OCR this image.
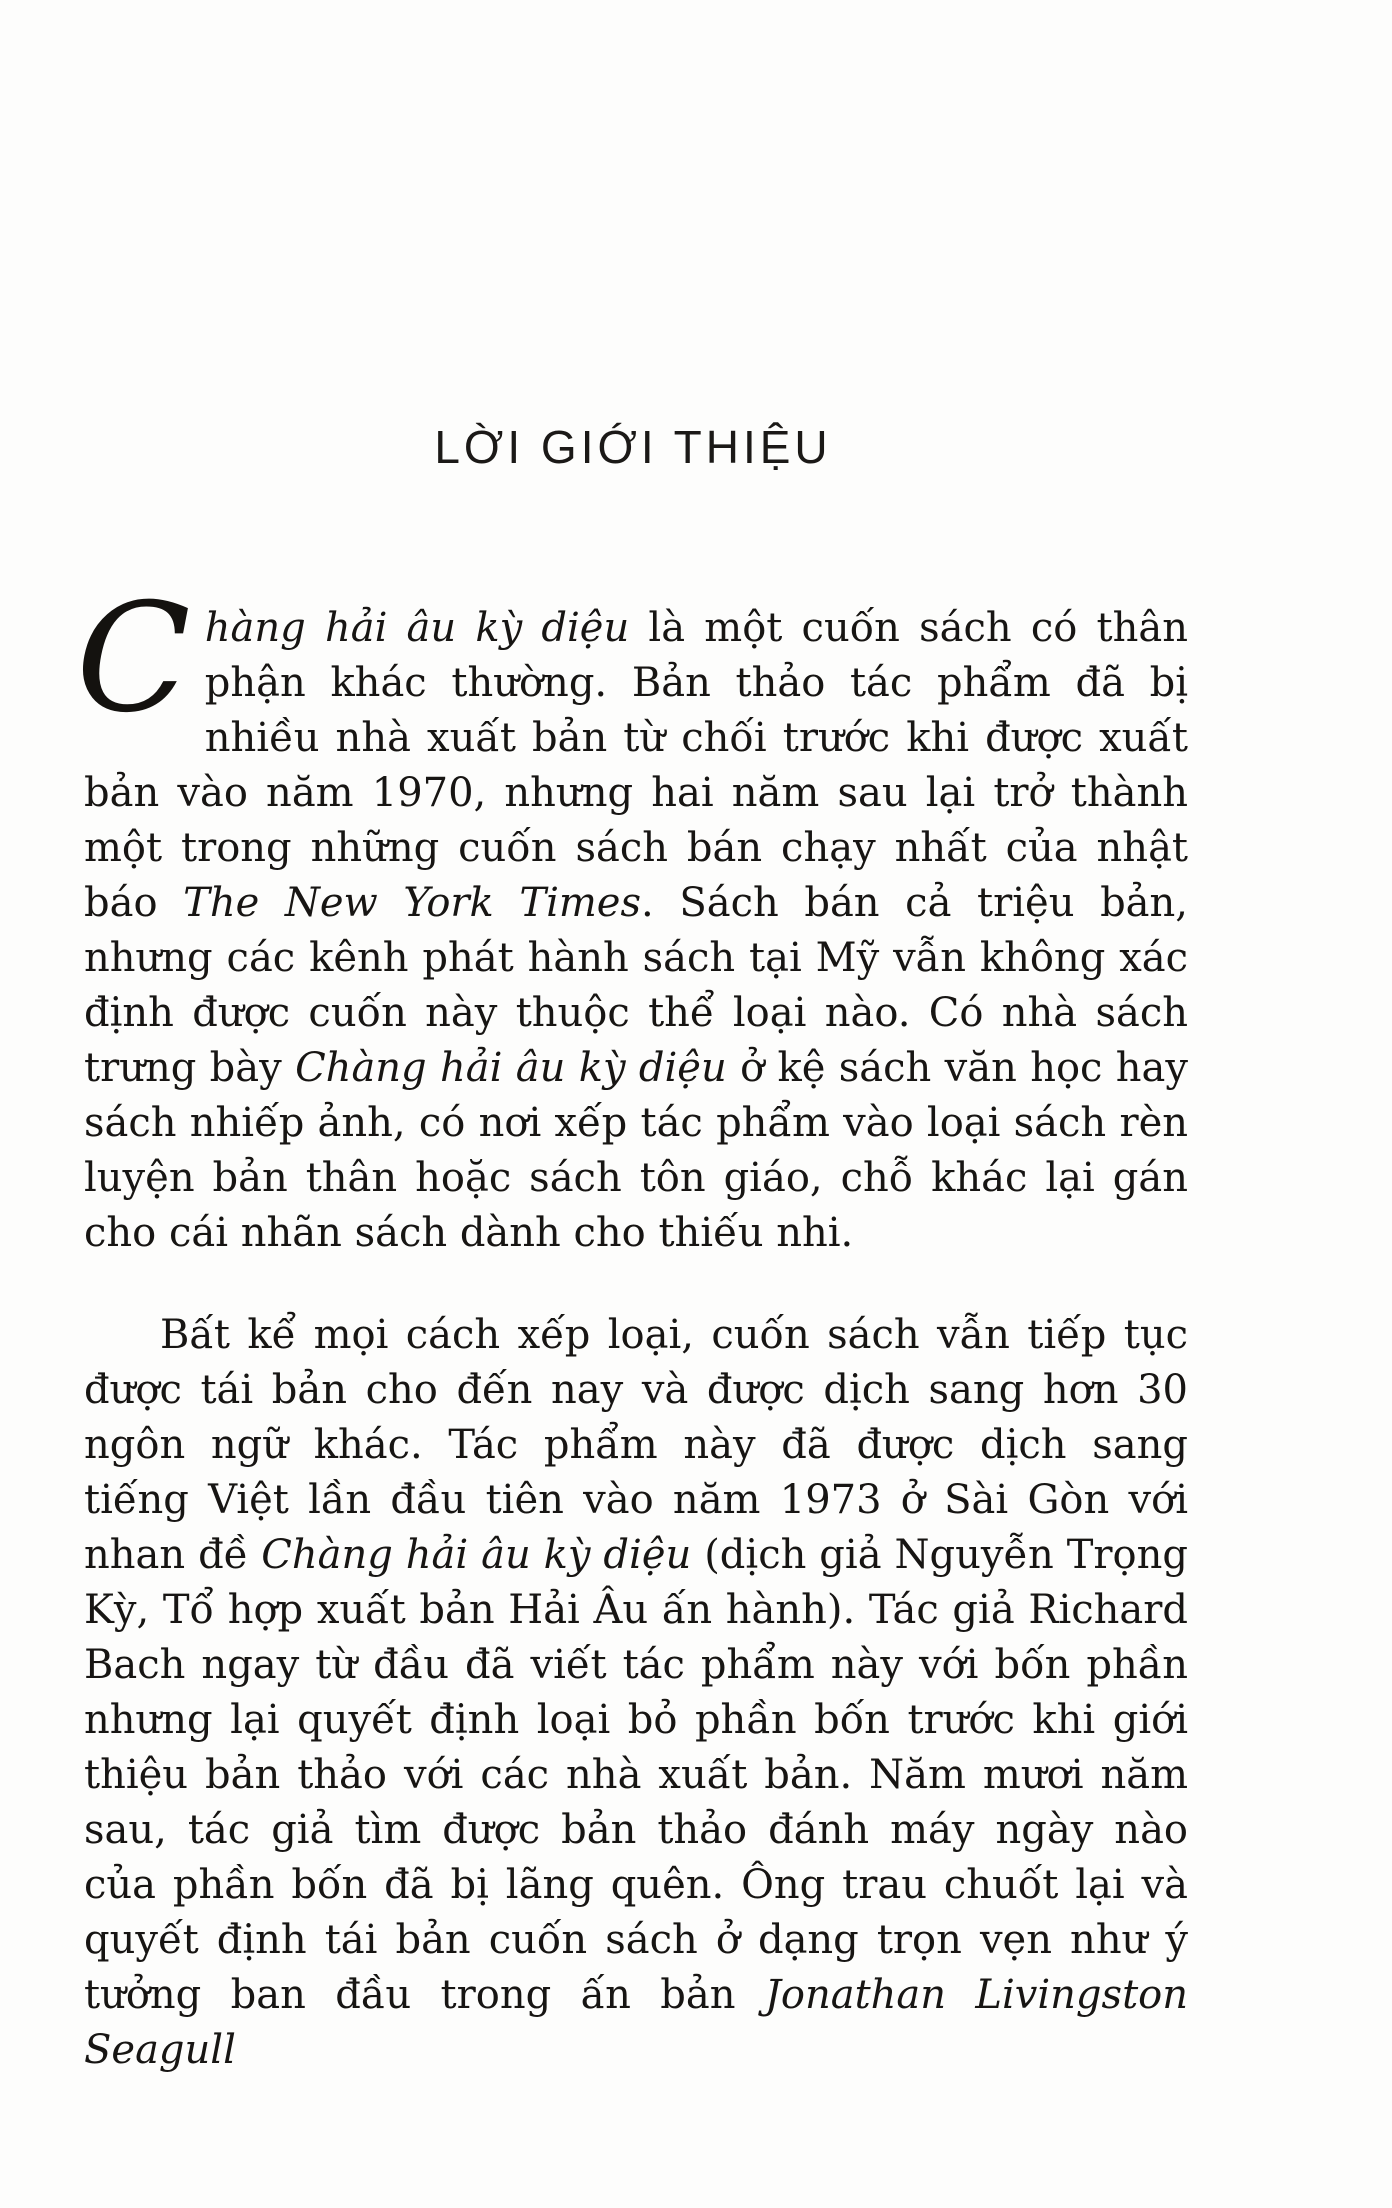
LỜI GIỚI THIỆU

Chàng hải âu kỳ diệu là một cuốn sách có thân phận khác thường. Bản thảo tác phẩm đã bị nhiều nhà xuất bản từ chối trước khi được xuất bản vào năm 1970, nhưng hai năm sau lại trở thành một trong những cuốn sách bán chạy nhất của nhật báo The New York Times. Sách bán cả triệu bản, nhưng các kênh phát hành sách tại Mỹ vẫn không xác định được cuốn này thuộc thể loại nào. Có nhà sách trưng bày Chàng hải âu kỳ diệu ở kệ sách văn học hay sách nhiếp ảnh, có nơi xếp tác phẩm vào loại sách rèn luyện bản thân hoặc sách tôn giáo, chỗ khác lại gán cho cái nhãn sách dành cho thiếu nhi.

Bất kể mọi cách xếp loại, cuốn sách vẫn tiếp tục được tái bản cho đến nay và được dịch sang hơn 30 ngôn ngữ khác. Tác phẩm này đã được dịch sang tiếng Việt lần đầu tiên vào năm 1973 ở Sài Gòn với nhan đề Chàng hải âu kỳ diệu (dịch giả Nguyễn Trọng Kỳ, Tổ hợp xuất bản Hải Âu ấn hành). Tác giả Richard Bach ngay từ đầu đã viết tác phẩm này với bốn phần nhưng lại quyết định loại bỏ phần bốn trước khi giới thiệu bản thảo với các nhà xuất bản. Năm mươi năm sau, tác giả tìm được bản thảo đánh máy ngày nào của phần bốn đã bị lãng quên. Ông trau chuốt lại và quyết định tái bản cuốn sách ở dạng trọn vẹn như ý tưởng ban đầu trong ấn bản Jonathan Livingston Seagull
